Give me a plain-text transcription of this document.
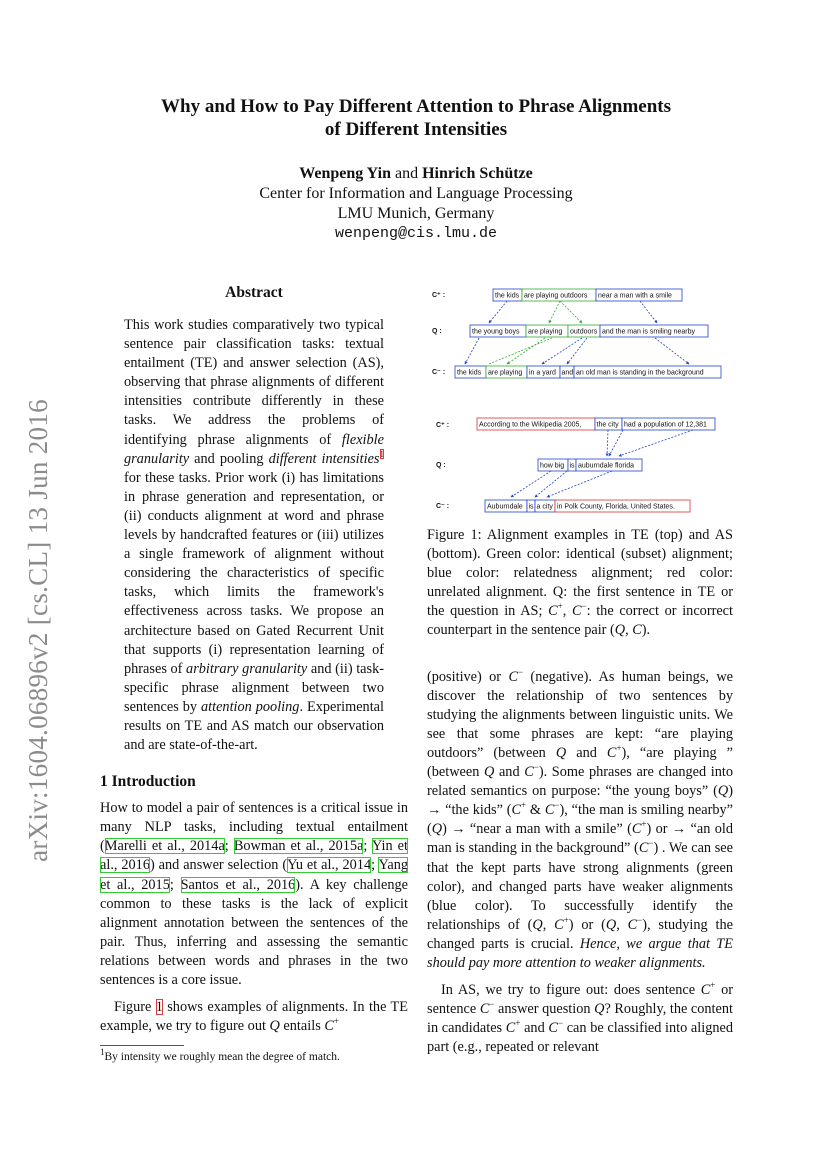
arXiv:1604.06896v2 [cs.CL] 13 Jun 2016
Why and How to Pay Different Attention to Phrase Alignments
of Different Intensities
Wenpeng Yin and Hinrich Schütze
Center for Information and Language Processing
LMU Munich, Germany
wenpeng@cis.lmu.de
Abstract

This work studies comparatively two typical sentence pair classification tasks: textual entailment (TE) and answer selection (AS), observing that phrase alignments of different intensities contribute differently in these tasks. We address the problems of identifying phrase alignments of flexible granularity and pooling different intensities$^1$ for these tasks. Prior work (i) has limitations in phrase generation and representation, or (ii) conducts alignment at word and phrase levels by handcrafted features or (iii) utilizes a single framework of alignment without considering the characteristics of specific tasks, which limits the framework's effectiveness across tasks. We propose an architecture based on Gated Recurrent Unit that supports (i) representation learning of phrases of arbitrary granularity and (ii) task-specific phrase alignment between two sentences by attention pooling. Experimental results on TE and AS match our observation and are state-of-the-art.

1 Introduction

How to model a pair of sentences is a critical issue in many NLP tasks, including textual entailment (Marelli et al., 2014a; Bowman et al., 2015a; Yin et al., 2016) and answer selection (Yu et al., 2014; Yang et al., 2015; Santos et al., 2016). A key challenge common to these tasks is the lack of explicit alignment annotation between the sentences of the pair. Thus, inferring and assessing the semantic relations between words and phrases in the two sentences is a core issue.

Figure 1 shows examples of alignments. In the TE example, we try to figure out Q entails C+

$^1$By intensity we roughly mean the degree of match.
C⁺ :
Q :
C⁻ :
C⁺ :
Q :
C⁻ :
the kids are playing outdoors near a man with a smile
the young boys are playing outdoors and the man is smiling nearby
the kids are playing in a yard and an old man is standing in the background
According to the Wikipedia 2005, the city had a population of 12,381
how big is auburndale florida
Auburndale is a city in Polk County, Florida, United States.
Figure 1: Alignment examples in TE (top) and AS (bottom). Green color: identical (subset) alignment; blue color: relatedness alignment; red color: unrelated alignment. Q: the first sentence in TE or the question in AS; C+, C−: the correct or incorrect counterpart in the sentence pair (Q, C).

(positive) or C− (negative). As human beings, we discover the relationship of two sentences by studying the alignments between linguistic units. We see that some phrases are kept: “are playing outdoors” (between Q and C+), “are playing ” (between Q and C−). Some phrases are changed into related semantics on purpose: “the young boys” (Q) → “the kids” (C+ & C−), “the man is smiling nearby” (Q) → “near a man with a smile” (C+) or → “an old man is standing in the background” (C−) . We can see that the kept parts have strong alignments (green color), and changed parts have weaker alignments (blue color). To successfully identify the relationships of (Q, C+) or (Q, C−), studying the changed parts is crucial. Hence, we argue that TE should pay more attention to weaker alignments.

In AS, we try to figure out: does sentence C+ or sentence C− answer question Q? Roughly, the content in candidates C+ and C− can be classified into aligned part (e.g., repeated or relevant
